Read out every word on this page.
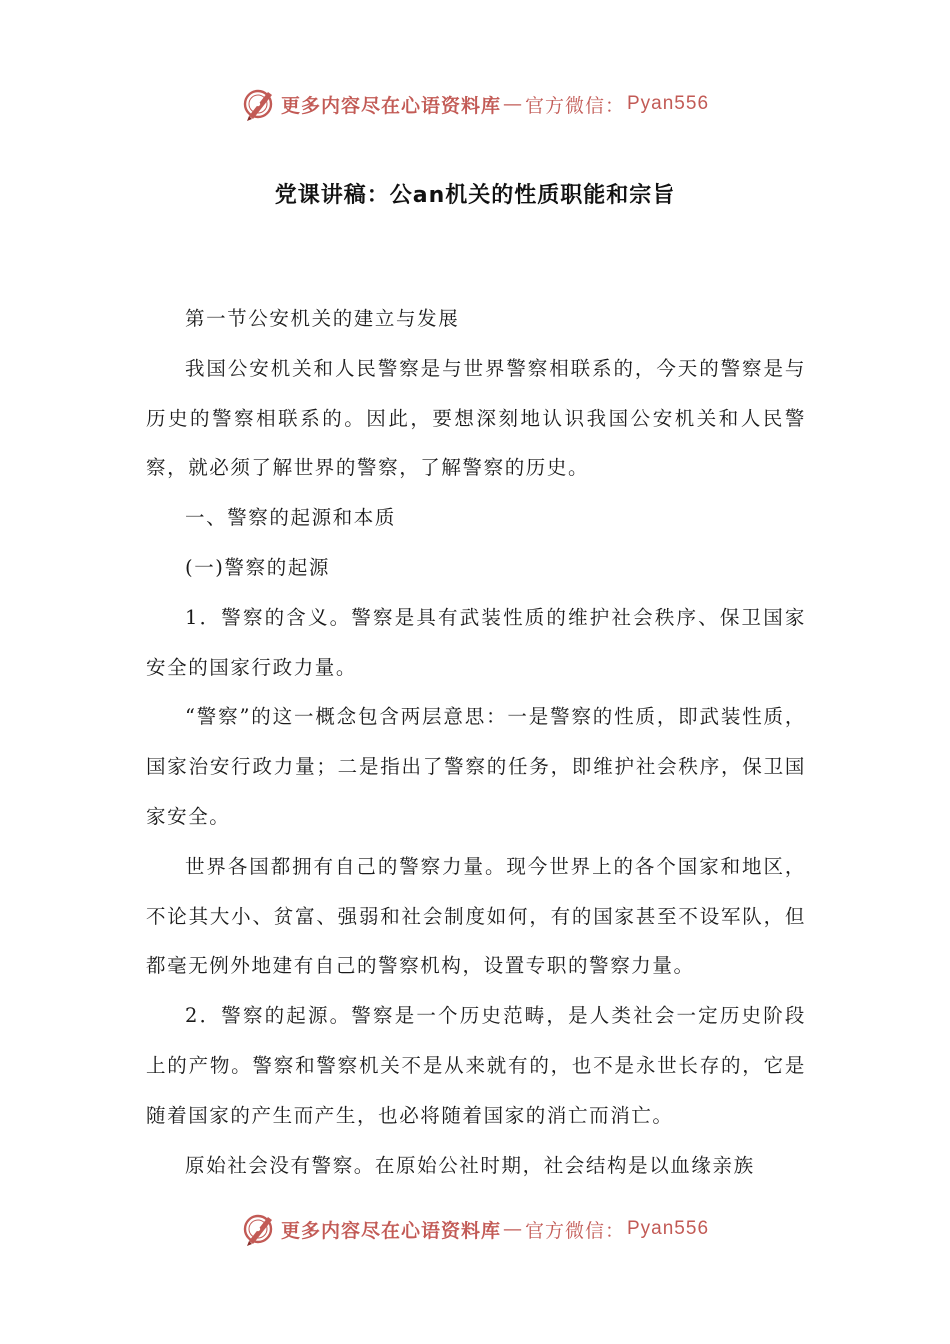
更多内容尽在心语资料库 — 官方微信： Pyan556
党课讲稿：公an机关的性质职能和宗旨

第一节公安机关的建立与发展

我国公安机关和人民警察是与世界警察相联系的，今天的警察是与历史的警察相联系的。因此，要想深刻地认识我国公安机关和人民警察，就必须了解世界的警察，了解警察的历史。

一、警察的起源和本质

(一)警察的起源

1．警察的含义。警察是具有武装性质的维护社会秩序、保卫国家安全的国家行政力量。

“警察”的这一概念包含两层意思：一是警察的性质，即武装性质，国家治安行政力量；二是指出了警察的任务，即维护社会秩序，保卫国家安全。

世界各国都拥有自己的警察力量。现今世界上的各个国家和地区，不论其大小、贫富、强弱和社会制度如何，有的国家甚至不设军队，但都毫无例外地建有自己的警察机构，设置专职的警察力量。

2．警察的起源。警察是一个历史范畴，是人类社会一定历史阶段上的产物。警察和警察机关不是从来就有的，也不是永世长存的，它是随着国家的产生而产生，也必将随着国家的消亡而消亡。

原始社会没有警察。在原始公社时期，社会结构是以血缘亲族

更多内容尽在心语资料库 — 官方微信： Pyan556
